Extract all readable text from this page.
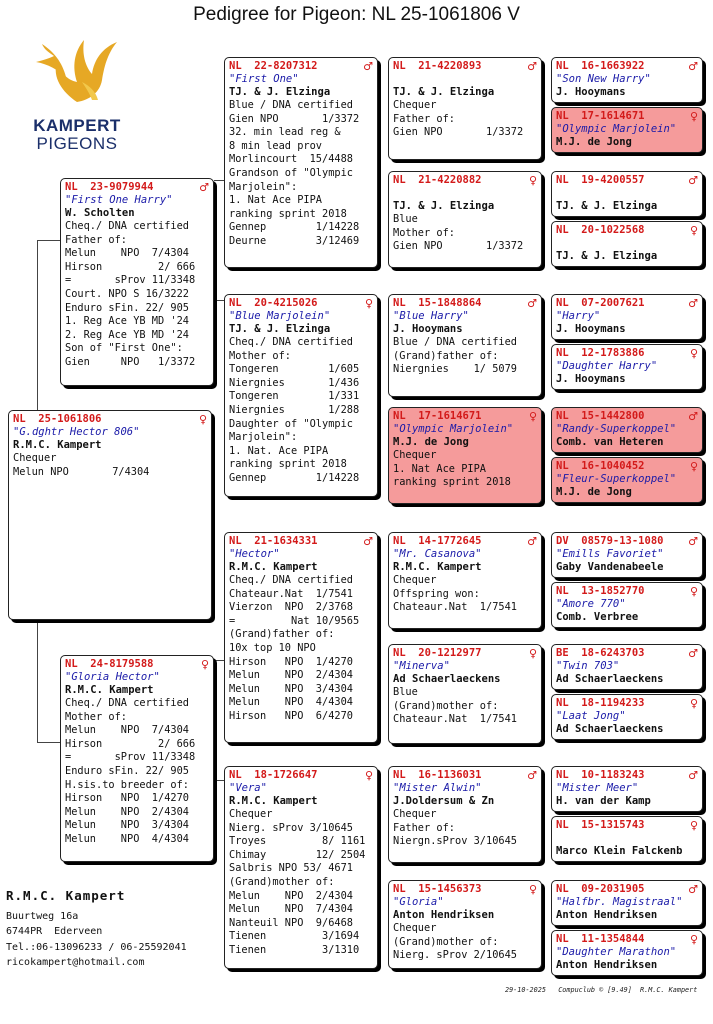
Pedigree for Pigeon: NL 25-1061806 V
KAMPERT
PIGEONS
NL  25-1061806	♀
"G.dghtr Hector 806"
R.M.C. Kampert
Chequer
Melun NPO       7/4304
NL  23-9079944	♂
"First One Harry"
W. Scholten
Cheq./ DNA certified
Father of:
Melun    NPO  7/4304
Hirson         2/ 666
=       sProv 11/3348
Court. NPO S 16/3222
Enduro sFin. 22/ 905
1. Reg Ace YB MD '24
2. Reg Ace YB MD '24
Son of "First One":
Gien     NPO   1/3372
NL  24-8179588	♀
"Gloria Hector"
R.M.C. Kampert
Cheq./ DNA certified
Mother of:
Melun    NPO  7/4304
Hirson         2/ 666
=       sProv 11/3348
Enduro sFin. 22/ 905
H.sis.to breeder of:
Hirson   NPO  1/4270
Melun    NPO  2/4304
Melun    NPO  3/4304
Melun    NPO  4/4304
NL  22-8207312	♂
"First One"
TJ. & J. Elzinga
Blue / DNA certified
Gien NPO       1/3372
32. min lead reg &
8 min lead prov
Morlincourt  15/4488
Grandson of "Olympic
Marjolein":
1. Nat Ace PIPA
ranking sprint 2018
Gennep        1/14228
Deurne        3/12469
NL  20-4215026	♀
"Blue Marjolein"
TJ. & J. Elzinga
Cheq./ DNA certified
Mother of:
Tongeren        1/605
Niergnies       1/436
Tongeren        1/331
Niergnies       1/288
Daughter of "Olympic
Marjolein":
1. Nat. Ace PIPA
ranking sprint 2018
Gennep        1/14228
NL  21-1634331	♂
"Hector"
R.M.C. Kampert
Cheq./ DNA certified
Chateaur.Nat  1/7541
Vierzon  NPO  2/3768
=         Nat 10/9565
(Grand)father of:
10x top 10 NPO
Hirson   NPO  1/4270
Melun    NPO  2/4304
Melun    NPO  3/4304
Melun    NPO  4/4304
Hirson   NPO  6/4270
NL  18-1726647	♀
"Vera"
R.M.C. Kampert
Chequer
Nierg. sProv 3/10645
Troyes         8/ 1161
Chimay        12/ 2504
Salbris NPO 53/ 4671
(Grand)mother of:
Melun    NPO  2/4304
Melun    NPO  7/4304
Nanteuil NPO  9/6468
Tienen         3/1694
Tienen         3/1310
NL  21-4220893	♂

TJ. & J. Elzinga
Chequer
Father of:
Gien NPO       1/3372
NL  21-4220882	♀

TJ. & J. Elzinga
Blue
Mother of:
Gien NPO       1/3372
NL  15-1848864	♂
"Blue Harry"
J. Hooymans
Blue / DNA certified
(Grand)father of:
Niergnies    1/ 5079
NL  17-1614671	♀
"Olympic Marjolein"
M.J. de Jong
Chequer
1. Nat Ace PIPA
ranking sprint 2018
NL  14-1772645	♂
"Mr. Casanova"
R.M.C. Kampert
Chequer
Offspring won:
Chateaur.Nat  1/7541
NL  20-1212977	♀
"Minerva"
Ad Schaerlaeckens
Blue
(Grand)mother of:
Chateaur.Nat  1/7541
NL  16-1136031	♂
"Mister Alwin"
J.Doldersum & Zn
Chequer
Father of:
Niergn.sProv 3/10645
NL  15-1456373	♀
"Gloria"
Anton Hendriksen
Chequer
(Grand)mother of:
Nierg. sProv 2/10645
NL  16-1663922	♂
"Son New Harry"
J. Hooymans
NL  17-1614671	♀
"Olympic Marjolein"
M.J. de Jong
NL  19-4200557	♂

TJ. & J. Elzinga
NL  20-1022568	♀

TJ. & J. Elzinga
NL  07-2007621	♂
"Harry"
J. Hooymans
NL  12-1783886	♀
"Daughter Harry"
J. Hooymans
NL  15-1442800	♂
"Randy-Superkoppel"
Comb. van Heteren
NL  16-1040452	♀
"Fleur-Superkoppel"
M.J. de Jong
DV  08579-13-1080 ♂
"Emills Favoriet"
Gaby Vandenabeele
NL  13-1852770	♀
"Amore 770"
Comb. Verbree
BE  18-6243703	♂
"Twin 703"
Ad Schaerlaeckens
NL  18-1194233	♀
"Laat Jong"
Ad Schaerlaeckens
NL  10-1183243	♂
"Mister Meer"
H. van der Kamp
NL  15-1315743	♀

Marco Klein Falckenb
NL  09-2031905	♂
"Halfbr. Magistraal"
Anton Hendriksen
NL  11-1354844	♀
"Daughter Marathon"
Anton Hendriksen
R.M.C. Kampert
Buurtweg 16a
6744PR  Ederveen
Tel.:06-13096233 / 06-25592041
ricokampert@hotmail.com
29-10-2025   Compuclub © [9.49]  R.M.C. Kampert
